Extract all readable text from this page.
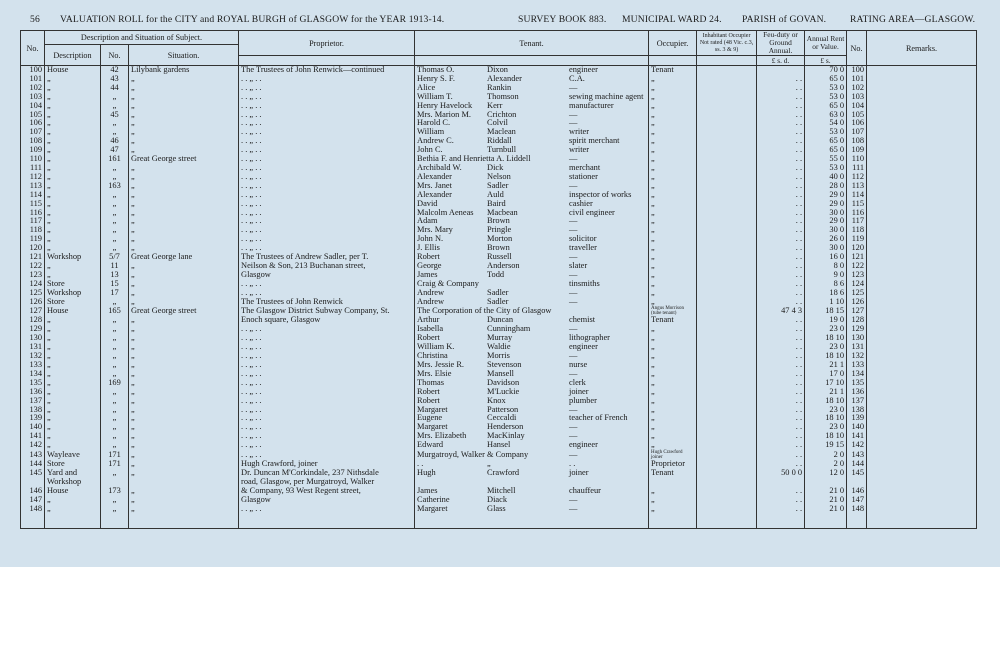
56 VALUATION ROLL for the CITY and ROYAL BURGH of GLASGOW for the YEAR 1913-14.	SURVEY BOOK 883. MUNICIPAL WARD 24. PARISH of GOVAN. RATING AREA—GLASGOW.
No.	Description and Situation of Subject.			Proprietor.	Tenant.	Occupier.	Inhabitant Occupier Not rated (48 Vic. c.3, ss. 3 & 9)	Feu-duty or Ground Annual.	Annual Rent or Value.	No.	Remarks.
	Description	No.	Situation.								
								£ s. d.	£ s.		
100	House	42	Lilybank gardens	The Trustees of John Renwick—continued	Thomas O. Dixon engineer	Tenant			70 0	100	
101	„	43	„	. . „ . .	Henry S. F. Alexander C.A.	„		. .	65 0	101	
102	„	44	„	. . „ . .	Alice Rankin —	„		. .	53 0	102	
103	„	„	„	. . „ . .	William T. Thomson sewing machine agent	„		. .	53 0	103	
104	„	„	„	. . „ . .	Henry Havelock Kerr manufacturer	„		. .	65 0	104	
105	„	45	„	. . „ . .	Mrs. Marion M. Crichton —	„		. .	63 0	105	
106	„	„	„	. . „ . .	Harold C. Colvil —	„		. .	54 0	106	
107	„	„	„	. . „ . .	William Maclean writer	„		. .	53 0	107	
108	„	46	„	. . „ . .	Andrew C. Riddall spirit merchant	„		. .	65 0	108	
109	„	47	„	. . „ . .	John C. Turnbull writer	„		. .	65 0	109	
110	„	161	Great George street	. . „ . .	Bethia F. and Henrietta A. Liddell —	„		. .	55 0	110	
111	„	„	„	. . „ . .	Archibald W. Dick merchant	„		. .	53 0	111	
112	„	„	„	. . „ . .	Alexander Nelson stationer	„		. .	40 0	112	
113	„	163	„	. . „ . .	Mrs. Janet Sadler —	„		. .	28 0	113	
114	„	„	„	. . „ . .	Alexander Auld inspector of works	„		. .	29 0	114	
115	„	„	„	. . „ . .	David Baird cashier	„		. .	29 0	115	
116	„	„	„	. . „ . .	Malcolm Aeneas Macbean civil engineer	„		. .	30 0	116	
117	„	„	„	. . „ . .	Adam Brown —	„		. .	29 0	117	
118	„	„	„	. . „ . .	Mrs. Mary Pringle —	„		. .	30 0	118	
119	„	„	„	. . „ . .	John N. Morton solicitor	„		. .	26 0	119	
120	„	„	„	. . „ . .	J. Ellis Brown traveller	„		. .	30 0	120	
121	Workshop	5/7	Great George lane	The Trustees of Andrew Sadler, per T.	Robert Russell —	„		. .	16 0	121	
122	„	11	„	Neilson & Son, 213 Buchanan street,	George Anderson slater	„		. .	8 0	122	
123	„	13	„	Glasgow	James Todd —	„		. .	9 0	123	
124	Store	15	„	. . „ . .	Craig & Company tinsmiths	„		. .	8 6	124	
125	Workshop	17	„	. . „ . .	Andrew Sadler —	„		. .	18 6	125	
126	Store	„	„	The Trustees of John Renwick	Andrew Sadler —	„		. .	1 10	126	
127	House	165	Great George street	The Glasgow District Subway Company, St.	The Corporation of the City of Glasgow	Angus Morrison (tube tenant)		47 4 3	18 15	127	
128	„	„	„	Enoch square, Glasgow	Arthur Duncan chemist	Tenant		. .	19 0	128	
129	„	„	„	. . „ . .	Isabella Cunningham —	„		. .	23 0	129	
130	„	„	„	. . „ . .	Robert Murray lithographer	„		. .	18 10	130	
131	„	„	„	. . „ . .	William K. Waldie engineer	„		. .	23 0	131	
132	„	„	„	. . „ . .	Christina Morris —	„		. .	18 10	132	
133	„	„	„	. . „ . .	Mrs. Jessie R. Stevenson nurse	„		. .	21 1	133	
134	„	„	„	. . „ . .	Mrs. Elsie Mansell —	„		. .	17 0	134	
135	„	169	„	. . „ . .	Thomas Davidson clerk	„		. .	17 10	135	
136	„	„	„	. . „ . .	Robert M'Luckie joiner	„		. .	21 1	136	
137	„	„	„	. . „ . .	Robert Knox plumber	„		. .	18 10	137	
138	„	„	„	. . „ . .	Margaret Patterson —	„		. .	23 0	138	
139	„	„	„	. . „ . .	Eugene Ceccaldi teacher of French	„		. .	18 10	139	
140	„	„	„	. . „ . .	Margaret Henderson —	„		. .	23 0	140	
141	„	„	„	. . „ . .	Mrs. Elizabeth MacKinlay —	„		. .	18 10	141	
142	„	„	„	. . „ . .	Edward Hansel engineer	„		. .	19 15	142	
143	Wayleave	171	„	. . „ . .	Murgatroyd, Walker & Company —	Hugh Crawford joiner		. .	2 0	143	
144	Store	171	„	Hugh Crawford, joiner	. . „ . .	Proprietor		. .	2 0	144	
145	Yard and	„	„	Dr. Duncan M'Corkindale, 237 Nithsdale	Hugh Crawford joiner	Tenant		50 0 0	12 0	145	
	Workshop			road, Glasgow, per Murgatroyd, Walker							
146	House	173	„	& Company, 93 West Regent street,	James Mitchell chauffeur	„		. .	21 0	146	
147	„	„	„	Glasgow	Catherine Diack —	„		. .	21 0	147	
148	„	„	„	. . „ . .	Margaret Glass —	„		. .	21 0	148	
